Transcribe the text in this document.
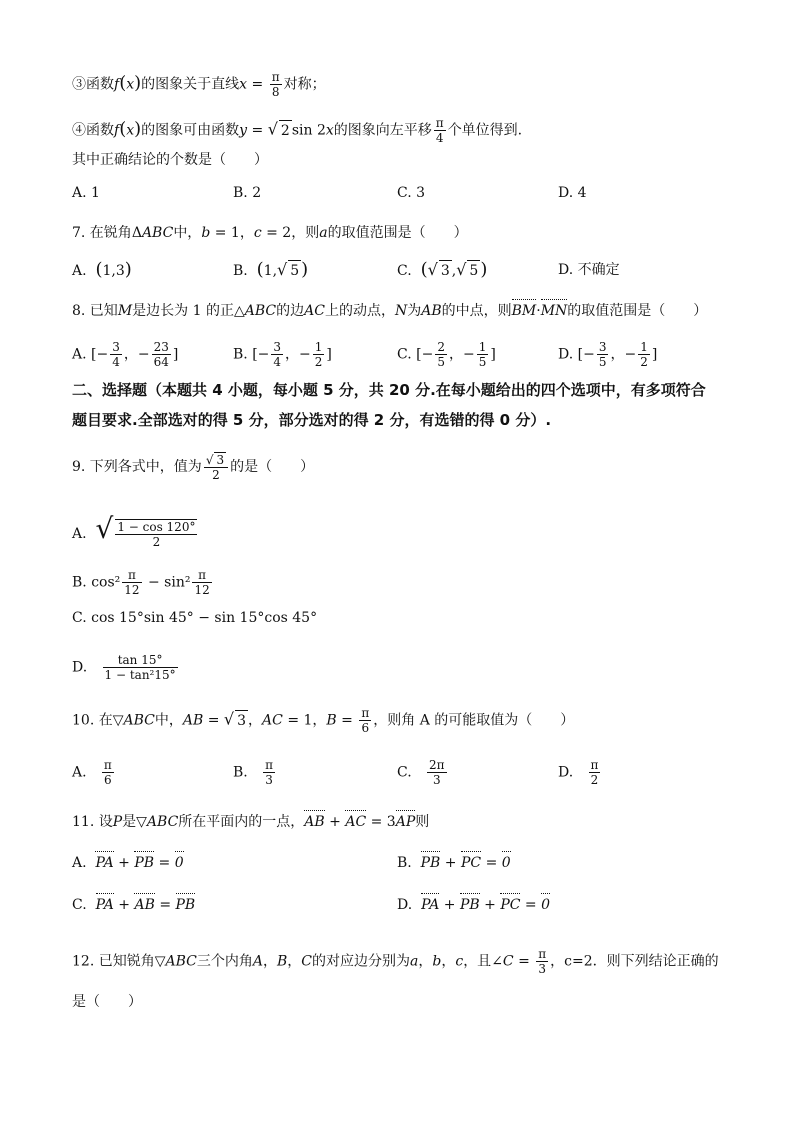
③函数f(x)的图象关于直线$x = \frac{\pi}{8}$ 对称；
④函数f(x)的图象可由函数y = √ 2 sin 2x的图象向左平移 $\frac{\pi}{4}$ 个单位得到.
其中正确结论的个数是（　　）
A. 1	B. 2	C. 3	D. 4
7. 在锐角ΔABC中，b = 1，c = 2，则a的取值范围是（　　）
A.  (1,3)	B.  (1,√ 5 )	C.  (√ 3 ,√ 5 )	D. 不确定
8. 已知M是边长为 1 的正△ABC的边AC上的动点，N为AB的中点，则BM·MN的取值范围是（　　）
A. [− $\frac{3}{4}$ ，− $\frac{23}{64}$ ]	B. [− $\frac{3}{4}$ ，− $\frac{1}{2}$ ]	C. [− $\frac{2}{5}$ ，− $\frac{1}{5}$ ]	D. [− $\frac{3}{5}$ ，− $\frac{1}{2}$ ]
二、选择题（本题共 4 小题，每小题 5 分，共 20 分.在每小题给出的四个选项中，有多项符合
题目要求.全部选对的得 5 分，部分选对的得 2 分，有选错的得 0 分）.
9. 下列各式中，值为 $\frac{√ 3}{2}$ 的是（　　）
A.  √ $\frac{1 - \cos 120^\circ}{2}$
B. $\cos^2 \frac{\pi}{12} - \sin^2 \frac{\pi}{12}$
C. cos 15°sin 45° − sin 15°cos 45°
D. $\frac{\tan 15^\circ}{\text{1 − tan²15°}}$
10. 在▽ABC中，AB = √ 3 ，AC = 1，$B = \frac{\pi}{6}$ ，则角 A 的可能取值为（　　）
A. $\frac{\pi}{6}$	B. $\frac{\pi}{3}$	C. $\frac{2\pi}{3}$	D. $\frac{\pi}{2}$
11. 设P是▽ABC所在平面内的一点，AB + AC = 3AP则
A.  PA + PB = 0	B.  PB + PC = 0
C.  PA + AB = PB	D.  PA + PB + PC = 0
12. 已知锐角▽ABC三个内角A，B，C的对应边分别为a，b，c，且∠C = $\frac{\pi}{3}$ ，c=2．则下列结论正确的
是（　　）
